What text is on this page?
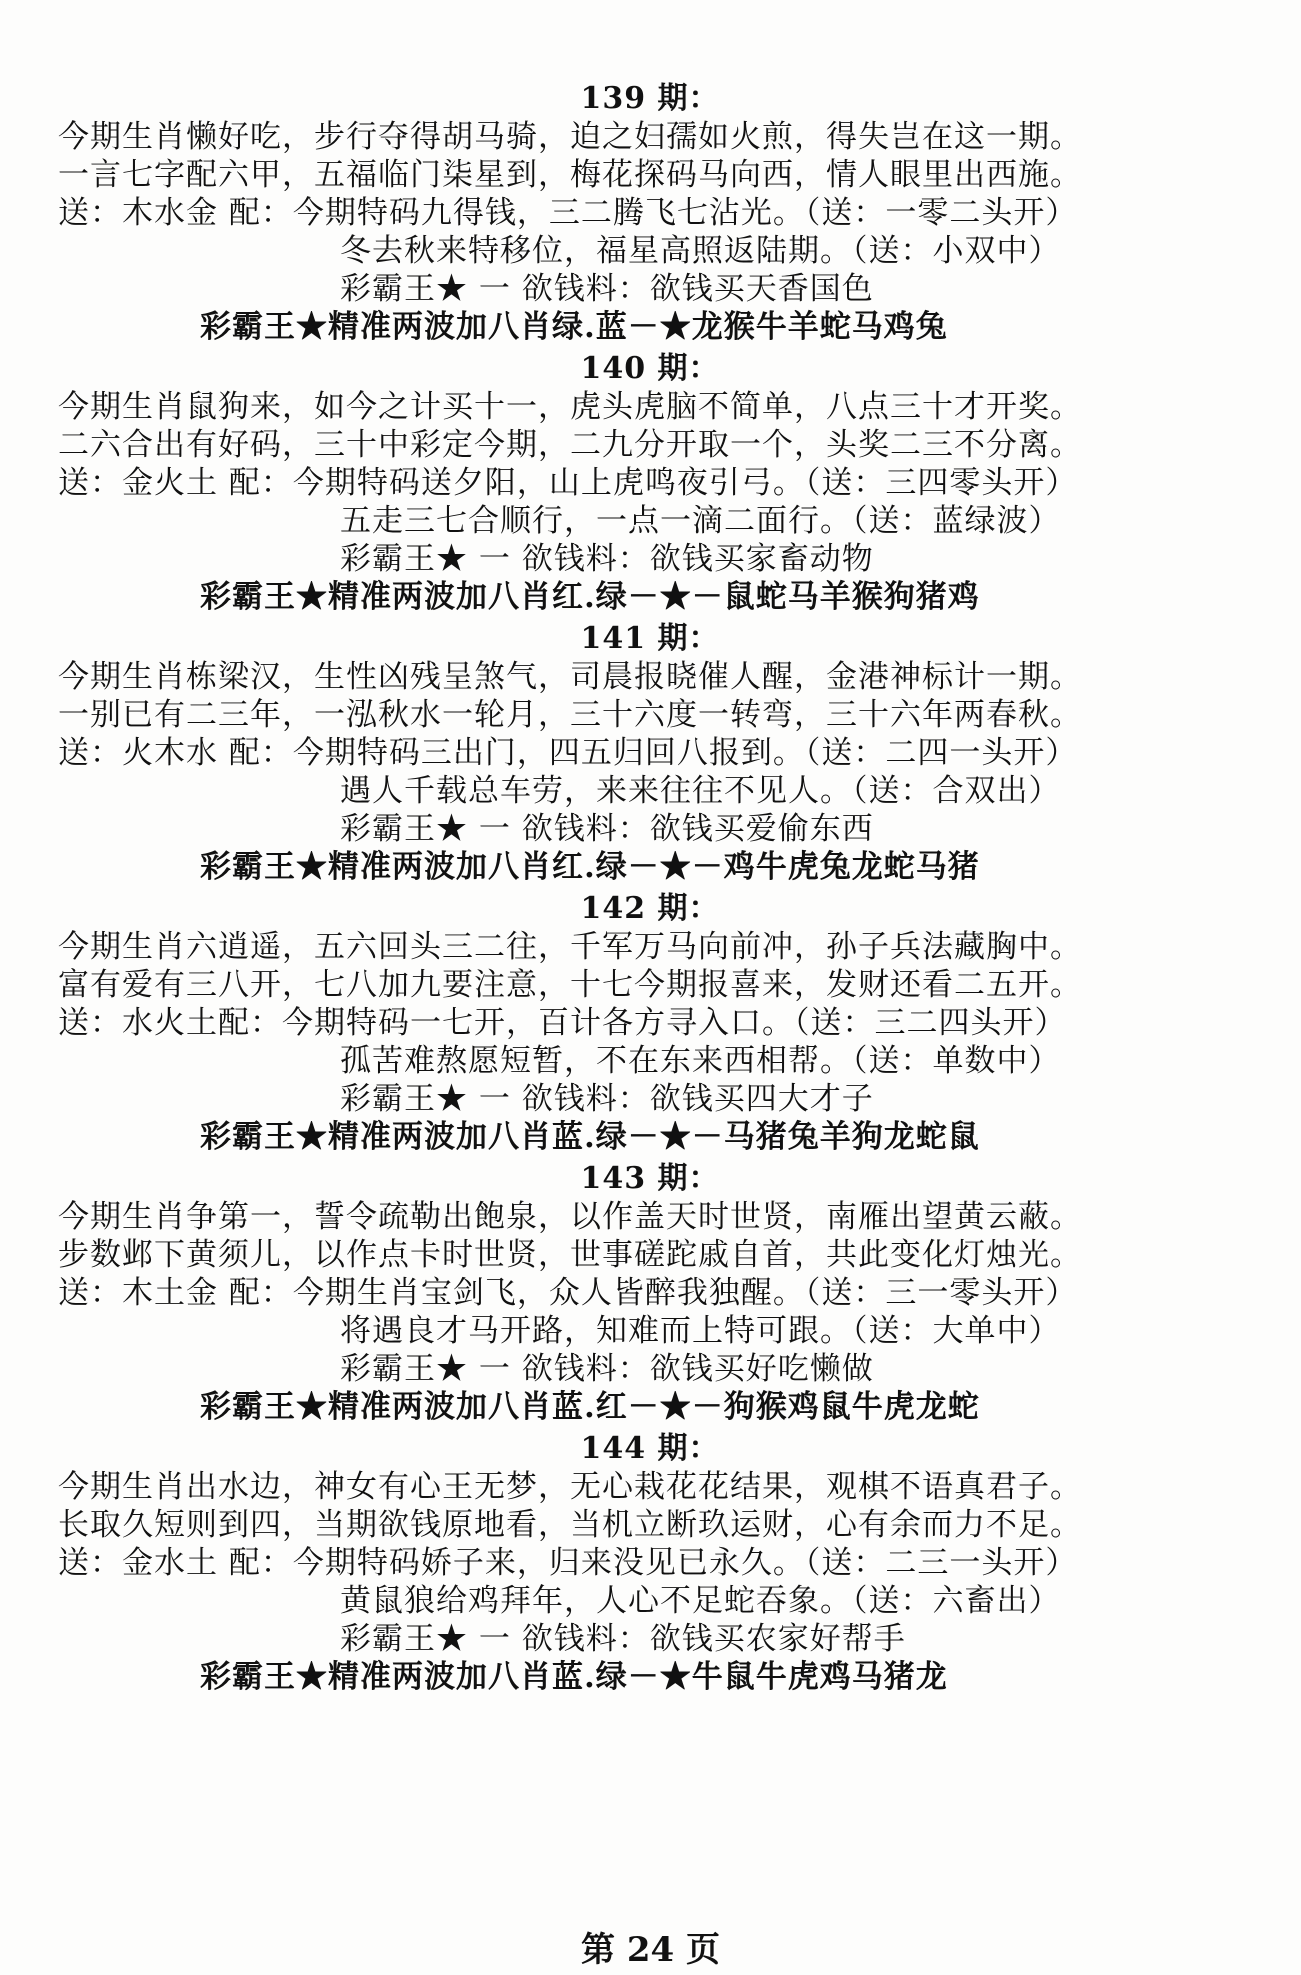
139 期：
今期生肖懒好吃，步行夺得胡马骑，迫之妇孺如火煎，得失岂在这一期。
一言七字配六甲，五福临门柒星到，梅花探码马向西，情人眼里出西施。
送：木水金 配：今期特码九得钱，三二腾飞七沾光。（送：一零二头开）
冬去秋来特移位，福星高照返陆期。（送：小双中）
彩霸王★ 一 欲钱料：欲钱买天香国色
彩霸王★精准两波加八肖绿.蓝－★龙猴牛羊蛇马鸡兔
140 期：
今期生肖鼠狗来，如今之计买十一，虎头虎脑不简单，八点三十才开奖。
二六合出有好码，三十中彩定今期，二九分开取一个，头奖二三不分离。
送：金火土 配：今期特码送夕阳，山上虎鸣夜引弓。（送：三四零头开）
五走三七合顺行，一点一滴二面行。（送：蓝绿波）
彩霸王★ 一 欲钱料：欲钱买家畜动物
彩霸王★精准两波加八肖红.绿－★－鼠蛇马羊猴狗猪鸡
141 期：
今期生肖栋梁汉，生性凶残呈煞气，司晨报晓催人醒，金港神标计一期。
一别已有二三年，一泓秋水一轮月，三十六度一转弯，三十六年两春秋。
送：火木水 配：今期特码三出门，四五归回八报到。（送：二四一头开）
遇人千载总车劳，来来往往不见人。（送：合双出）
彩霸王★ 一 欲钱料：欲钱买爱偷东西
彩霸王★精准两波加八肖红.绿－★－鸡牛虎兔龙蛇马猪
142 期：
今期生肖六逍遥，五六回头三二往，千军万马向前冲，孙子兵法藏胸中。
富有爱有三八开，七八加九要注意，十七今期报喜来，发财还看二五开。
送：水火土配：今期特码一七开，百计各方寻入口。（送：三二四头开）
孤苦难熬愿短暂，不在东来西相帮。（送：单数中）
彩霸王★ 一 欲钱料：欲钱买四大才子
彩霸王★精准两波加八肖蓝.绿－★－马猪兔羊狗龙蛇鼠
143 期：
今期生肖争第一，誓令疏勒出飽泉，以作盖天时世贤，南雁出望黄云蔽。
步数邺下黄须儿，以作点卡时世贤，世事磋跎戚自首，共此变化灯烛光。
送：木土金 配：今期生肖宝剑飞，众人皆醉我独醒。（送：三一零头开）
将遇良才马开路，知难而上特可跟。（送：大单中）
彩霸王★ 一 欲钱料：欲钱买好吃懒做
彩霸王★精准两波加八肖蓝.红－★－狗猴鸡鼠牛虎龙蛇
144 期：
今期生肖出水边，神女有心王无梦，无心栽花花结果，观棋不语真君子。
长取久短则到四，当期欲钱原地看，当机立断玖运财，心有余而力不足。
送：金水土 配：今期特码娇子来，归来没见已永久。（送：二三一头开）
黄鼠狼给鸡拜年，人心不足蛇吞象。（送：六畜出）
彩霸王★ 一 欲钱料：欲钱买农家好帮手
彩霸王★精准两波加八肖蓝.绿－★牛鼠牛虎鸡马猪龙
第 24 页
